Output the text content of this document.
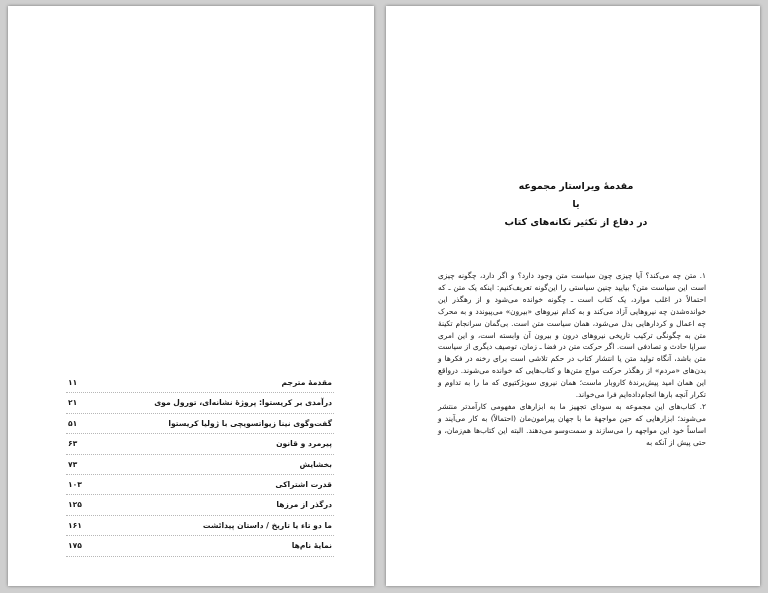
مقدمهٔ مترجم
۱۱
درآمدی بر کریستوا: پروژهٔ نشانه‌ای، تورول موی
۲۱
گفت‌وگوی نینا زیواتسویچی با ژولیا کریستوا
۵۱
پیرمرد و قانون
۶۳
بخشایش
۷۳
قدرت اشتراکی
۱۰۳
درگذر از مرزها
۱۲۵
ما دو تاء یا تاریخ / داستان پیدائشت
۱۶۱
نمایهٔ نام‌ها
۱۷۵
مقدمهٔ ویراستار مجموعه
یا
در دفاع از تکثیر تکانه‌های کتاب

۱. متن چه می‌کند؟ آیا چیزی چون سیاست متن وجود دارد؟ و اگر دارد، چگونه چیزی است این سیاست متن؟ بیایید چنین سیاستی را این‌گونه تعریف‌کنیم: اینکه یک متن ـ که احتمالاً در اغلب موارد، یک کتاب است ـ چگونه خوانده می‌شود و از رهگذر این خوانده‌شدن چه نیروهایی آزاد می‌کند و به کدام نیروهای «بیرون» می‌پیوندد و به محرک چه اعمال و کردارهایی بدل می‌شود، همان سیاست متن است. بی‌گمان سرانجام تکینهٔ متن به چگونگی ترکیب تاریخی نیروهای درون و بیرون آن وابسته است، و این امری سراپا حادث و تصادفی است. اگر حرکت متن در فضا ـ زمان، توصیف دیگری از سیاست متن باشد، آنگاه تولید متن یا انتشار کتاب در حکم تلاشی است برای رخنه در فکرها و بدن‌های «مردم» از رهگذر حرکت مواج متن‌ها و کتاب‌هایی که خوانده می‌شوند. درواقع این همان امید پیش‌برندهٔ کاروبار ماست؛ همان نیروی سوبژکتیوی که ما را به تداوم و تکرار آنچه بارها انجام‌داده‌ایم فرا می‌خواند.

۲. کتاب‌های این مجموعه به سودای تجهیز ما به ابزارهای مفهومی کارآمدتر منتشر می‌شوند؛ ابزارهایی که حین مواجههٔ ما با جهان پیرامون‌مان (احتمالاً) به کار می‌آیند و اساساً خود این مواجهه را می‌سازند و سمت‌وسو می‌دهند. البته این کتاب‌ها هم‌زمان، و حتی پیش از آنکه به
